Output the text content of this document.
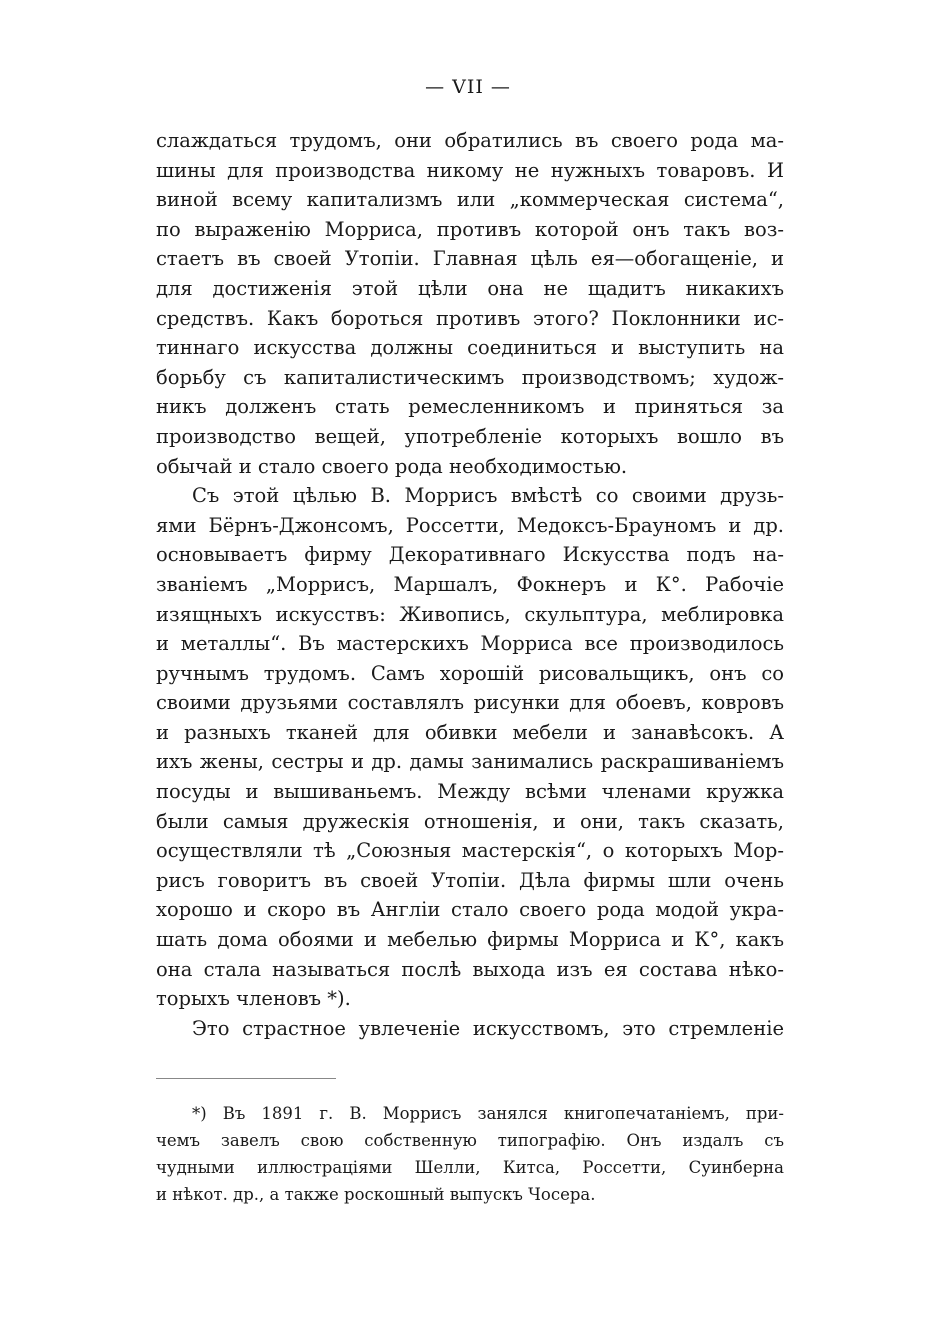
— VII —
слаждаться трудомъ, они обратились въ своего рода ма-
шины для производства никому не нужныхъ товаровъ. И
виной всему капитализмъ или „коммерческая система“,
по выраженію Морриса, противъ которой онъ такъ воз-
стаетъ въ своей Утопіи. Главная цѣль ея—обогащеніе, и
для достиженія этой цѣли она не щадитъ никакихъ
средствъ. Какъ бороться противъ этого? Поклонники ис-
тиннаго искусства должны соединиться и выступить на
борьбу съ капиталистическимъ производствомъ; худож-
никъ долженъ стать ремесленникомъ и приняться за
производство вещей, употребленіе которыхъ вошло въ
обычай и стало своего рода необходимостью.
Съ этой цѣлью В. Моррисъ вмѣстѣ со своими друзь-
ями Бёрнъ-Джонсомъ, Россетти, Медоксъ-Брауномъ и др.
основываетъ фирму Декоративнаго Искусства подъ на-
званіемъ „Моррисъ, Маршалъ, Фокнеръ и К°. Рабочіе
изящныхъ искусствъ: Живопись, скульптура, меблировка
и металлы“. Въ мастерскихъ Морриса все производилось
ручнымъ трудомъ. Самъ хорошій рисовальщикъ, онъ со
своими друзьями составлялъ рисунки для обоевъ, ковровъ
и разныхъ тканей для обивки мебели и занавѣсокъ. А
ихъ жены, сестры и др. дамы занимались раскрашиваніемъ
посуды и вышиваньемъ. Между всѣми членами кружка
были самыя дружескія отношенія, и они, такъ сказать,
осуществляли тѣ „Союзныя мастерскія“, о которыхъ Мор-
рисъ говоритъ въ своей Утопіи. Дѣла фирмы шли очень
хорошо и скоро въ Англіи стало своего рода модой укра-
шать дома обоями и мебелью фирмы Морриса и К°, какъ
она стала называться послѣ выхода изъ ея состава нѣко-
торыхъ членовъ *).
Это страстное увлеченіе искусствомъ, это стремленіе
*) Въ 1891 г. В. Моррисъ занялся книгопечатаніемъ, при-
чемъ завелъ свою собственную типографію. Онъ издалъ съ
чудными иллюстраціями Шелли, Китса, Россетти, Суинберна
и нѣкот. др., а также роскошный выпускъ Чосера.
